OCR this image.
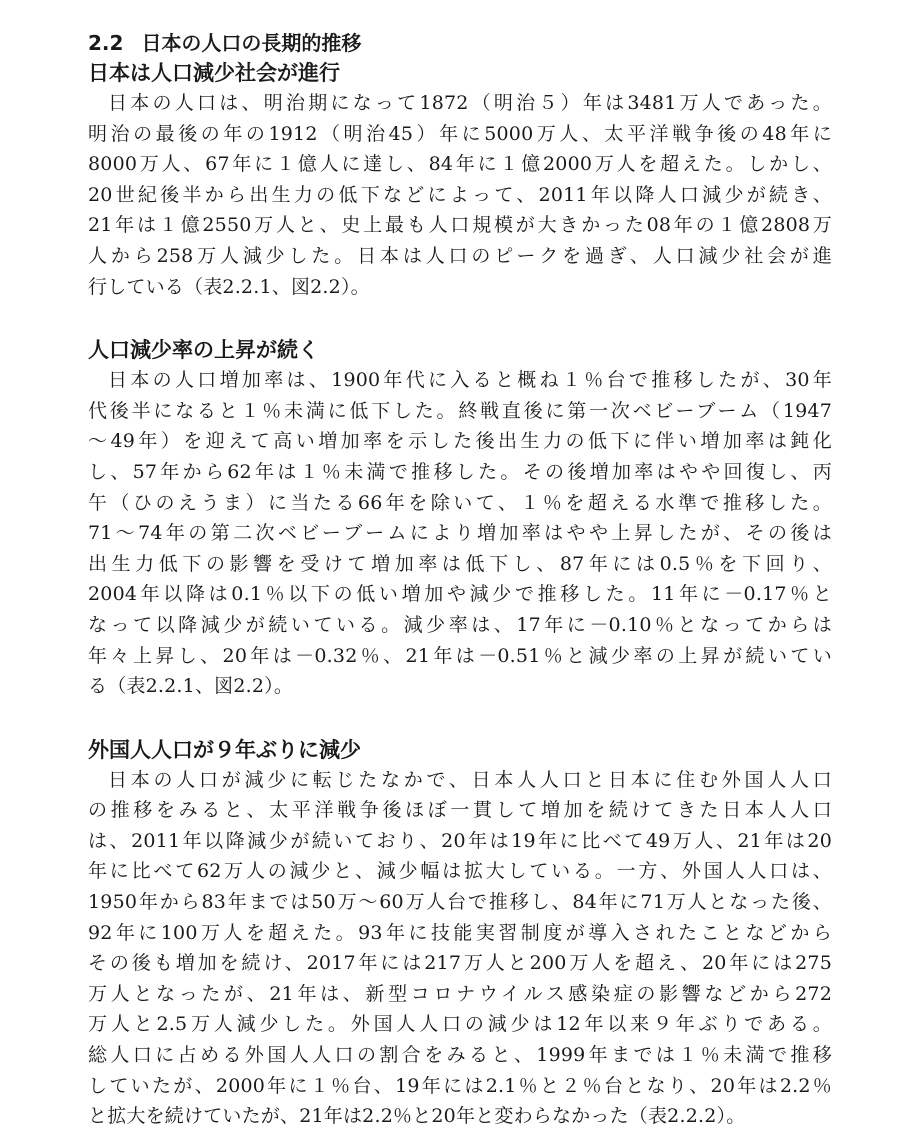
2.2 日本の人口の長期的推移
日本は人口減少社会が進行
日本の人口は、明治期になって1872（明治５）年は3481万人であった。
明治の最後の年の1912（明治45）年に5000万人、太平洋戦争後の48年に
8000万人、67年に１億人に達し、84年に１億2000万人を超えた。しかし、
20世紀後半から出生力の低下などによって、2011年以降人口減少が続き、
21年は１億2550万人と、史上最も人口規模が大きかった08年の１億2808万
人から258万人減少した。日本は人口のピークを過ぎ、人口減少社会が進
行している（表2.2.1、図2.2）。
人口減少率の上昇が続く
日本の人口増加率は、1900年代に入ると概ね１％台で推移したが、30年
代後半になると１％未満に低下した。終戦直後に第一次ベビーブーム（1947
～49年）を迎えて高い増加率を示した後出生力の低下に伴い増加率は鈍化
し、57年から62年は１％未満で推移した。その後増加率はやや回復し、丙
午（ひのえうま）に当たる66年を除いて、１％を超える水準で推移した。
71～74年の第二次ベビーブームにより増加率はやや上昇したが、その後は
出生力低下の影響を受けて増加率は低下し、87年には0.5％を下回り、
2004年以降は0.1％以下の低い増加や減少で推移した。11年に－0.17％と
なって以降減少が続いている。減少率は、17年に－0.10％となってからは
年々上昇し、20年は－0.32％、21年は－0.51％と減少率の上昇が続いてい
る（表2.2.1、図2.2）。
外国人人口が９年ぶりに減少
日本の人口が減少に転じたなかで、日本人人口と日本に住む外国人人口
の推移をみると、太平洋戦争後ほぼ一貫して増加を続けてきた日本人人口
は、2011年以降減少が続いており、20年は19年に比べて49万人、21年は20
年に比べて62万人の減少と、減少幅は拡大している。一方、外国人人口は、
1950年から83年までは50万～60万人台で推移し、84年に71万人となった後、
92年に100万人を超えた。93年に技能実習制度が導入されたことなどから
その後も増加を続け、2017年には217万人と200万人を超え、20年には275
万人となったが、21年は、新型コロナウイルス感染症の影響などから272
万人と2.5万人減少した。外国人人口の減少は12年以来９年ぶりである。
総人口に占める外国人人口の割合をみると、1999年までは１％未満で推移
していたが、2000年に１％台、19年には2.1％と２％台となり、20年は2.2％
と拡大を続けていたが、21年は2.2％と20年と変わらなかった（表2.2.2）。
